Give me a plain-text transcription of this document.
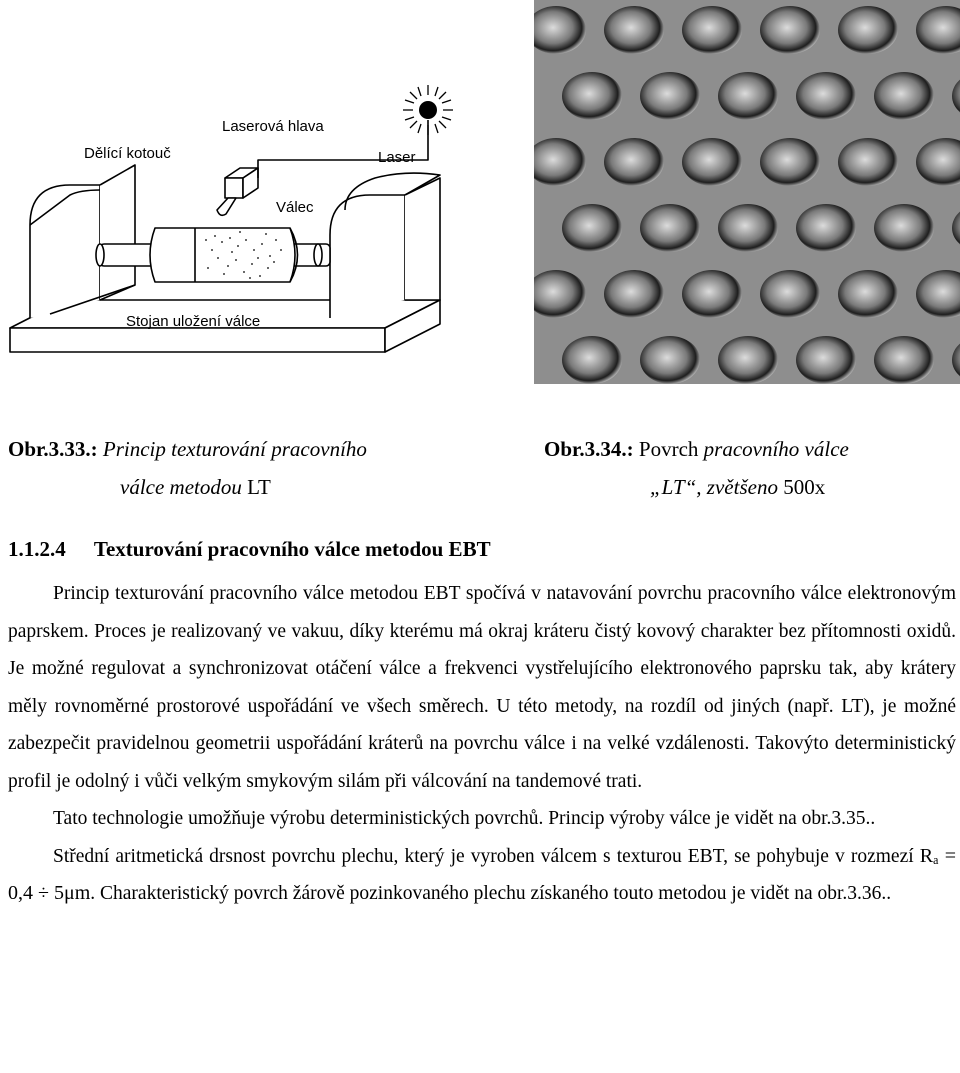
Laserová hlava
Dělící kotouč	Laser
Válec
Stojan uložení válce
Obr.3.33.: Princip texturování pracovního
válce metodou LT
Obr.3.34.: Povrch pracovního válce
„LT“, zvětšeno 500x
1.1.2.4 Texturování pracovního válce metodou EBT

Princip texturování pracovního válce metodou EBT spočívá v natavování povrchu pracovního válce elektronovým paprskem. Proces je realizovaný ve vakuu, díky kterému má okraj kráteru čistý kovový charakter bez přítomnosti oxidů. Je možné regulovat a synchronizovat otáčení válce a frekvenci vystřelujícího elektronového paprsku tak, aby krátery měly rovnoměrné prostorové uspořádání ve všech směrech. U této metody, na rozdíl od jiných (např. LT), je možné zabezpečit pravidelnou geometrii uspořádání kráterů na povrchu válce i na velké vzdálenosti. Takovýto deterministický profil je odolný i vůči velkým smykovým silám při válcování na tandemové trati.

Tato technologie umožňuje výrobu deterministických povrchů. Princip výroby válce je vidět na obr.3.35..

Střední aritmetická drsnost povrchu plechu, který je vyroben válcem s texturou EBT, se pohybuje v rozmezí Rₐ = 0,4 ÷ 5μm. Charakteristický povrch žárově pozinkovaného plechu získaného touto metodou je vidět na obr.3.36..
